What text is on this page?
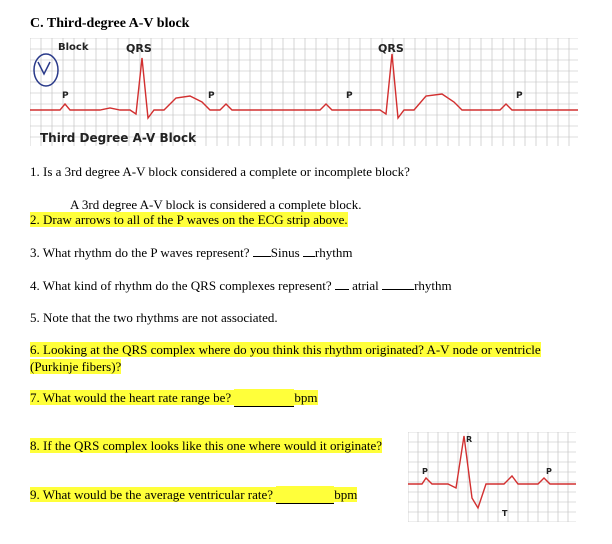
C. Third-degree A-V block
Block	QRS	QRS
P	P	P	P
Third Degree A-V Block
1. Is a 3rd degree A-V block considered a complete or incomplete block?
A 3rd degree A-V block is considered a complete block.
2. Draw arrows to all of the P waves on the ECG strip above.
3. What rhythm do the P waves represent? Sinus rhythm
4. What kind of rhythm do the QRS complexes represent?  atrial rhythm
5. Note that the two rhythms are not associated.
6. Looking at the QRS complex where do you think this rhythm originated? A-V node or ventricle (Purkinje fibers)?
7. What would the heart rate range be?	bpm
8. If the QRS complex looks like this one where would it originate?
9. What would be the average ventricular rate?	bpm
R
P	P
T
